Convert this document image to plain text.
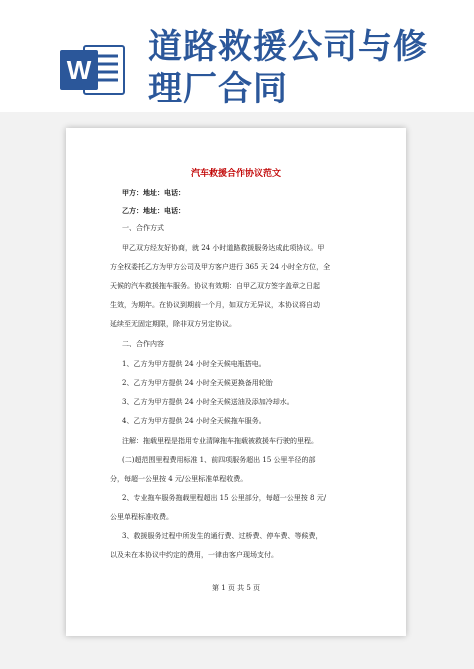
W
道路救援公司与修
理厂合同
汽车救援合作协议范文
甲方：地址：电话：
乙方：地址：电话：
一、合作方式
甲乙双方经友好协商，就 24 小时道路救援服务达成此项协议。甲
方全权委托乙方为甲方公司及甲方客户进行 365 天 24 小时全方位，全
天候的汽车救援拖车服务。协议有效期：自甲乙双方签字盖章之日起
生效，为期年。在协议到期前一个月，如双方无异议，本协议将自动
延续至无固定期限，除非双方另定协议。
二、合作内容
1、乙方为甲方提供 24 小时全天候电瓶搭电。
2、乙方为甲方提供 24 小时全天候更换备用轮胎
3、乙方为甲方提供 24 小时全天候送油及添加冷却水。
4、乙方为甲方提供 24 小时全天候拖车服务。
注解：拖载里程是指用专业清障拖车拖载被救援车行驶的里程。
(二)超范围里程费用标准 1、前四项服务超出 15 公里半径的部
分，每超一公里按 4 元/公里标准单程收费。
2、专业拖车服务拖载里程超出 15 公里部分，每超一公里按 8 元/
公里单程标准收费。
3、救援服务过程中所发生的通行费、过桥费、停车费、等候费，
以及未在本协议中约定的费用，一律由客户现场支付。
第 1 页 共 5 页
